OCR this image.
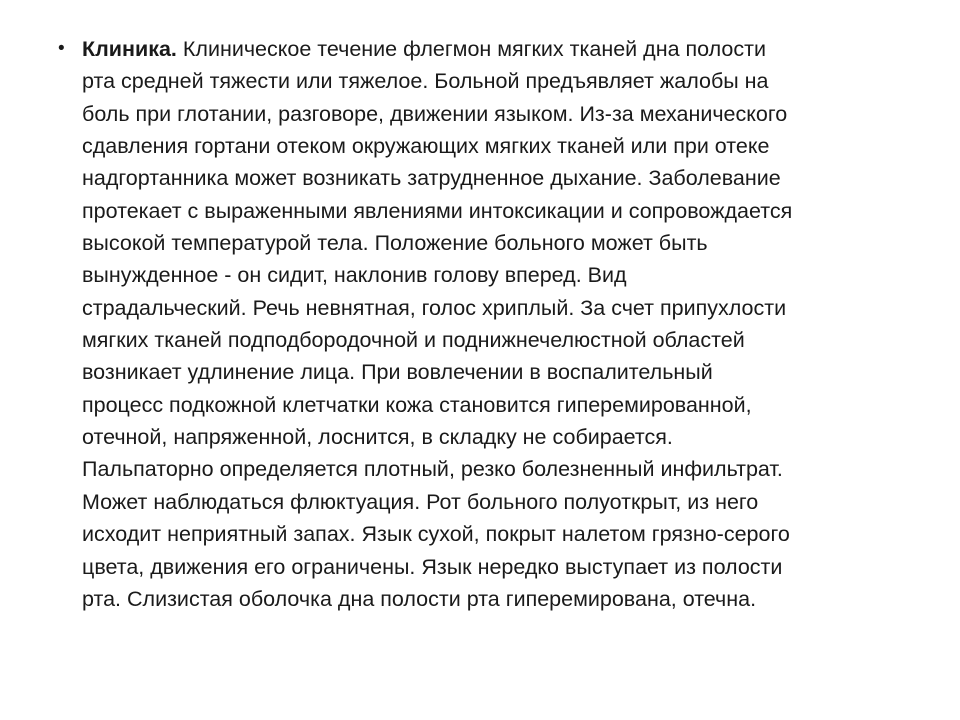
• Клиника. Клиническое течение флегмон мягких тканей дна полости
рта средней тяжести или тяжелое. Больной предъявляет жалобы на
боль при глотании, разговоре, движении языком. Из-за механического
сдавления гортани отеком окружающих мягких тканей или при отеке
надгортанника может возникать затрудненное дыхание. Заболевание
протекает с выраженными явлениями интоксикации и сопровождается
высокой температурой тела. Положение больного может быть
вынужденное - он сидит, наклонив голову вперед. Вид
страдальческий. Речь невнятная, голос хриплый. За счет припухлости
мягких тканей подподбородочной и поднижнечелюстной областей
возникает удлинение лица. При вовлечении в воспалительный
процесс подкожной клетчатки кожа становится гиперемированной,
отечной, напряженной, лоснится, в складку не собирается.
Пальпаторно определяется плотный, резко болезненный инфильтрат.
Может наблюдаться флюктуация. Рот больного полуоткрыт, из него
исходит неприятный запах. Язык сухой, покрыт налетом грязно-серого
цвета, движения его ограничены. Язык нередко выступает из полости
рта. Слизистая оболочка дна полости рта гиперемирована, отечна.
